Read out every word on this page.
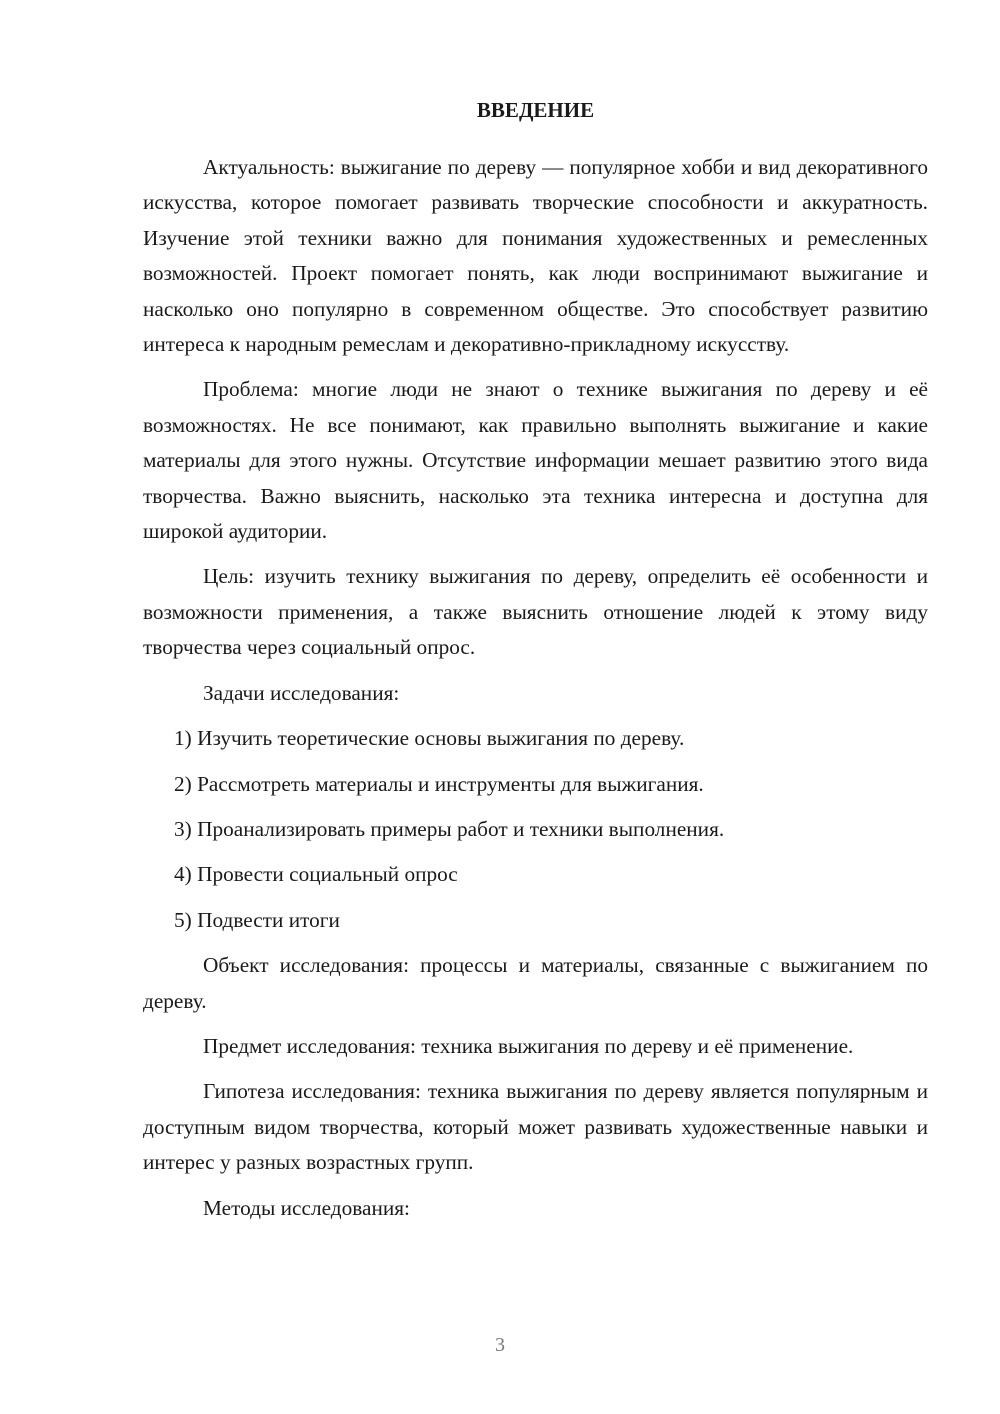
ВВЕДЕНИЕ

Актуальность: выжигание по дереву — популярное хобби и вид декоративного искусства, которое помогает развивать творческие способности и аккуратность. Изучение этой техники важно для понимания художественных и ремесленных возможностей. Проект помогает понять, как люди воспринимают выжигание и насколько оно популярно в современном обществе. Это способствует развитию интереса к народным ремеслам и декоративно-прикладному искусству.

Проблема: многие люди не знают о технике выжигания по дереву и её возможностях. Не все понимают, как правильно выполнять выжигание и какие материалы для этого нужны. Отсутствие информации мешает развитию этого вида творчества. Важно выяснить, насколько эта техника интересна и доступна для широкой аудитории.

Цель: изучить технику выжигания по дереву, определить её особенности и возможности применения, а также выяснить отношение людей к этому виду творчества через социальный опрос.

Задачи исследования:
1) Изучить теоретические основы выжигания по дереву.
2) Рассмотреть материалы и инструменты для выжигания.
3) Проанализировать примеры работ и техники выполнения.
4) Провести социальный опрос
5) Подвести итоги

Объект исследования: процессы и материалы, связанные с выжиганием по дереву.

Предмет исследования: техника выжигания по дереву и её применение.

Гипотеза исследования: техника выжигания по дереву является популярным и доступным видом творчества, который может развивать художественные навыки и интерес у разных возрастных групп.

Методы исследования:
3
